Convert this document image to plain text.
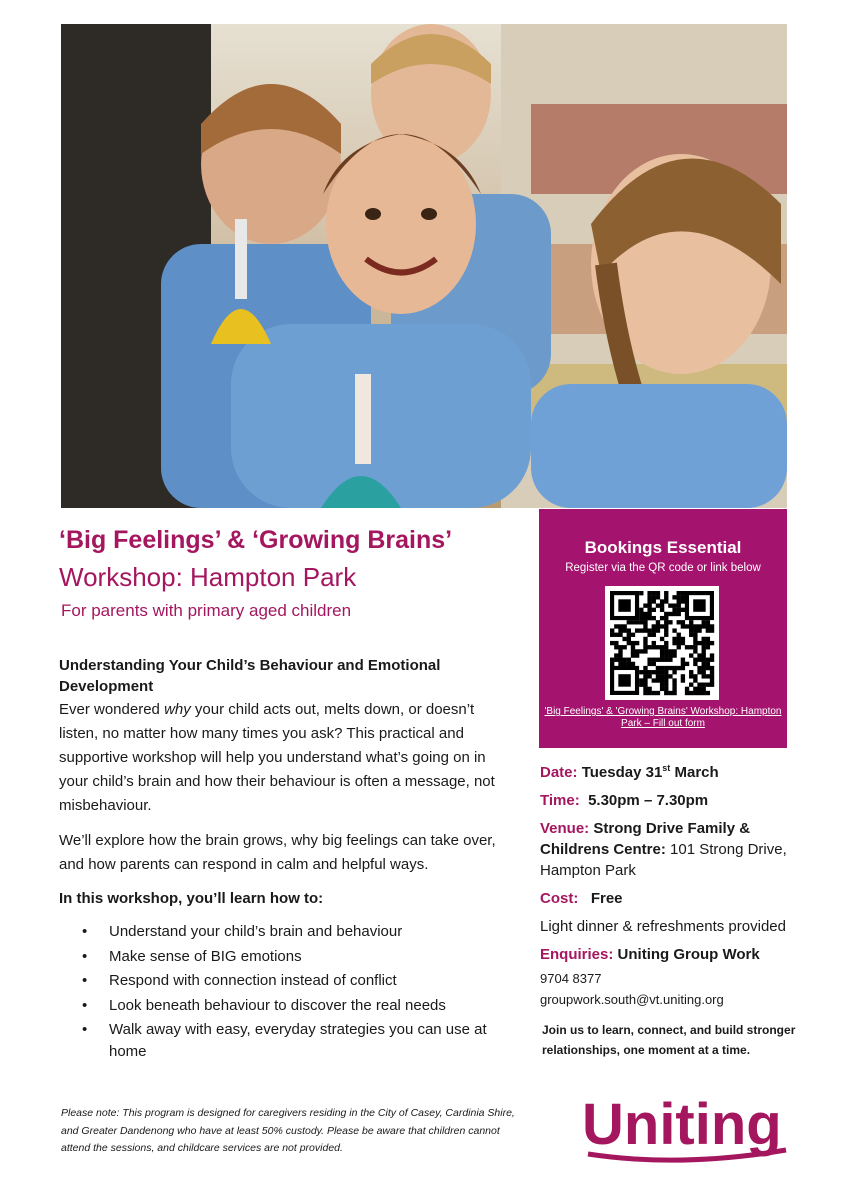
‘Big Feelings’ & ‘Growing Brains’
Workshop: Hampton Park
For parents with primary aged children
Understanding Your Child’s Behaviour and Emotional Development
Ever wondered why your child acts out, melts down, or doesn’t listen, no matter how many times you ask? This practical and supportive workshop will help you understand what’s going on in your child’s brain and how their behaviour is often a message, not misbehaviour.
We’ll explore how the brain grows, why big feelings can take over, and how parents can respond in calm and helpful ways.
In this workshop, you’ll learn how to:
• Understand your child’s brain and behaviour
• Make sense of BIG emotions
• Respond with connection instead of conflict
• Look beneath behaviour to discover the real needs
• Walk away with easy, everyday strategies you can use at home
Please note: This program is designed for caregivers residing in the City of Casey, Cardinia Shire, and Greater Dandenong who have at least 50% custody. Please be aware that children cannot attend the sessions, and childcare services are not provided.
Bookings Essential
Register via the QR code or link below
'Big Feelings' & 'Growing Brains' Workshop: Hampton Park – Fill out form
Date: Tuesday 31st March
Time: 5.30pm – 7.30pm
Venue: Strong Drive Family & Childrens Centre: 101 Strong Drive, Hampton Park
Cost: Free
Light dinner & refreshments provided
Enquiries: Uniting Group Work
9704 8377
groupwork.south@vt.uniting.org
Join us to learn, connect, and build stronger relationships, one moment at a time.
Uniting
